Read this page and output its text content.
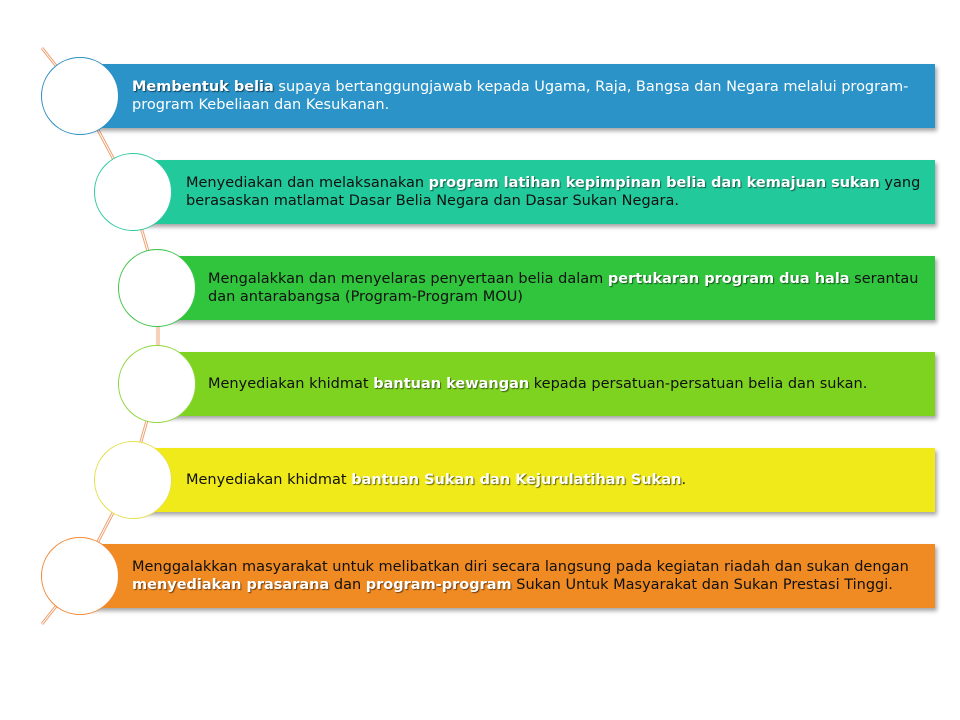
Membentuk belia supaya bertanggungjawab kepada Ugama, Raja, Bangsa dan Negara melalui program-program Kebeliaan dan Kesukanan.
Menyediakan dan melaksanakan program latihan kepimpinan belia dan kemajuan sukan yang berasaskan matlamat Dasar Belia Negara dan Dasar Sukan Negara.
Mengalakkan dan menyelaras penyertaan belia dalam pertukaran program dua hala serantau dan antarabangsa (Program-Program MOU)
Menyediakan khidmat bantuan kewangan kepada persatuan-persatuan belia dan sukan.
Menyediakan khidmat bantuan Sukan dan Kejurulatihan Sukan.
Menggalakkan masyarakat untuk melibatkan diri secara langsung pada kegiatan riadah dan sukan dengan menyediakan prasarana dan program-program Sukan Untuk Masyarakat dan Sukan Prestasi Tinggi.
